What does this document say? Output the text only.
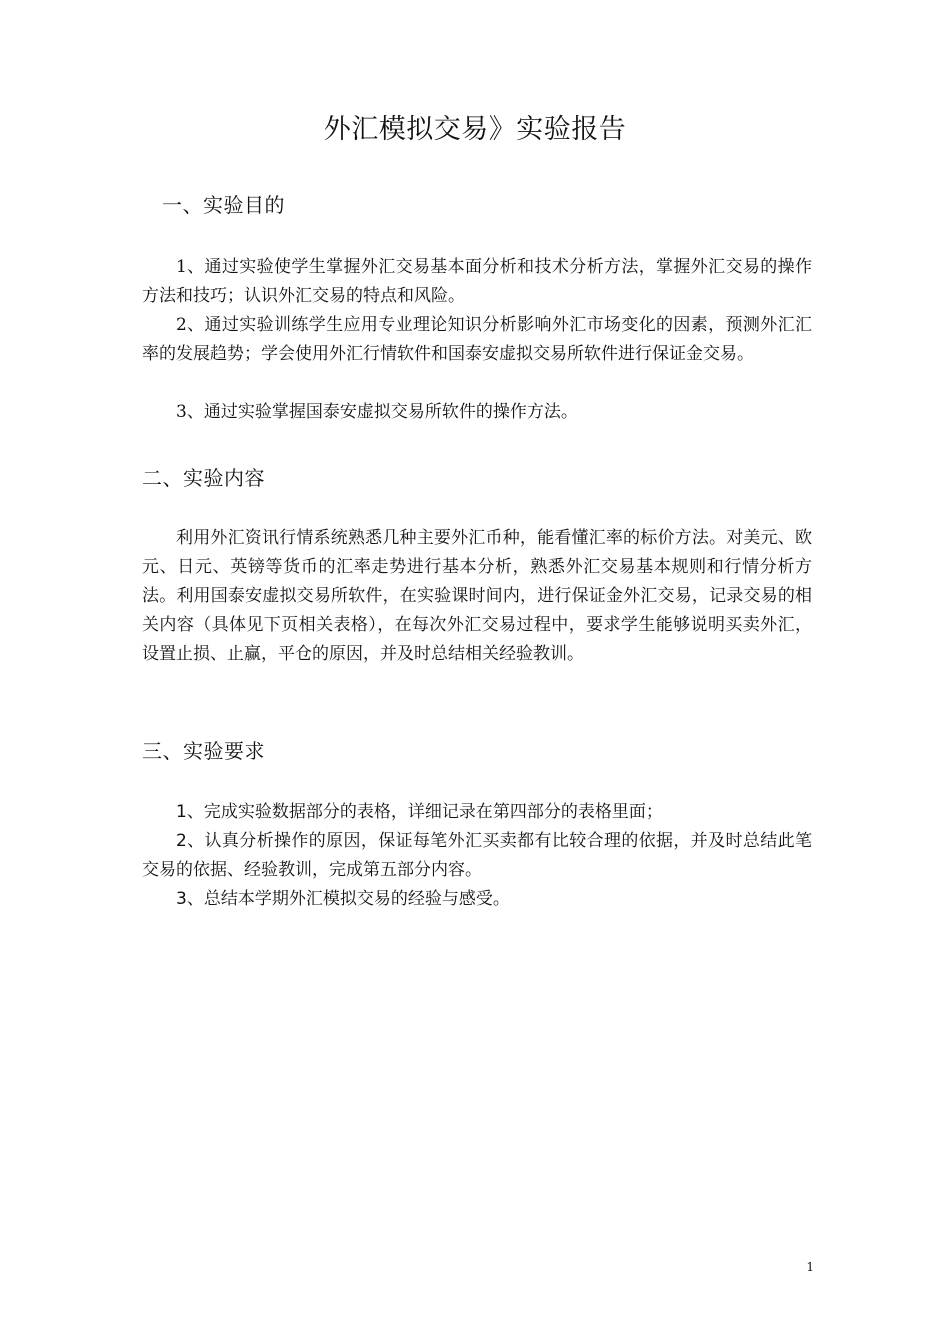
外汇模拟交易》实验报告
一、实验目的
1、通过实验使学生掌握外汇交易基本面分析和技术分析方法，掌握外汇交易的操作方法和技巧；认识外汇交易的特点和风险。
2、通过实验训练学生应用专业理论知识分析影响外汇市场变化的因素，预测外汇汇率的发展趋势；学会使用外汇行情软件和国泰安虚拟交易所软件进行保证金交易。
3、通过实验掌握国泰安虚拟交易所软件的操作方法。
二、实验内容
利用外汇资讯行情系统熟悉几种主要外汇币种，能看懂汇率的标价方法。对美元、欧元、日元、英镑等货币的汇率走势进行基本分析，熟悉外汇交易基本规则和行情分析方法。利用国泰安虚拟交易所软件，在实验课时间内，进行保证金外汇交易，记录交易的相关内容（具体见下页相关表格），在每次外汇交易过程中，要求学生能够说明买卖外汇，设置止损、止赢，平仓的原因，并及时总结相关经验教训。
三、实验要求
1、完成实验数据部分的表格，详细记录在第四部分的表格里面；
2、认真分析操作的原因，保证每笔外汇买卖都有比较合理的依据，并及时总结此笔交易的依据、经验教训，完成第五部分内容。
3、总结本学期外汇模拟交易的经验与感受。
1
